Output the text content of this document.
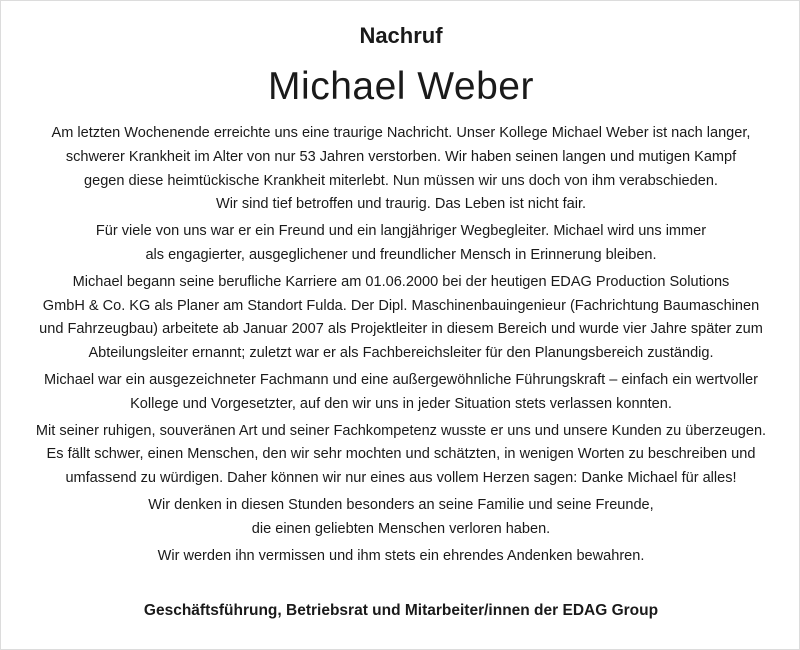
Nachruf
Michael Weber
Am letzten Wochenende erreichte uns eine traurige Nachricht. Unser Kollege Michael Weber ist nach langer,
schwerer Krankheit im Alter von nur 53 Jahren verstorben. Wir haben seinen langen und mutigen Kampf
gegen diese heimtückische Krankheit miterlebt. Nun müssen wir uns doch von ihm verabschieden.
Wir sind tief betroffen und traurig. Das Leben ist nicht fair.
Für viele von uns war er ein Freund und ein langjähriger Wegbegleiter. Michael wird uns immer
als engagierter, ausgeglichener und freundlicher Mensch in Erinnerung bleiben.
Michael begann seine berufliche Karriere am 01.06.2000 bei der heutigen EDAG Production Solutions
GmbH & Co. KG als Planer am Standort Fulda. Der Dipl. Maschinenbauingenieur (Fachrichtung Baumaschinen
und Fahrzeugbau) arbeitete ab Januar 2007 als Projektleiter in diesem Bereich und wurde vier Jahre später zum
Abteilungsleiter ernannt; zuletzt war er als Fachbereichsleiter für den Planungsbereich zuständig.
Michael war ein ausgezeichneter Fachmann und eine außergewöhnliche Führungskraft – einfach ein wertvoller
Kollege und Vorgesetzter, auf den wir uns in jeder Situation stets verlassen konnten.
Mit seiner ruhigen, souveränen Art und seiner Fachkompetenz wusste er uns und unsere Kunden zu überzeugen.
Es fällt schwer, einen Menschen, den wir sehr mochten und schätzten, in wenigen Worten zu beschreiben und
umfassend zu würdigen. Daher können wir nur eines aus vollem Herzen sagen: Danke Michael für alles!
Wir denken in diesen Stunden besonders an seine Familie und seine Freunde,
die einen geliebten Menschen verloren haben.
Wir werden ihn vermissen und ihm stets ein ehrendes Andenken bewahren.
Geschäftsführung, Betriebsrat und Mitarbeiter/innen der EDAG Group
